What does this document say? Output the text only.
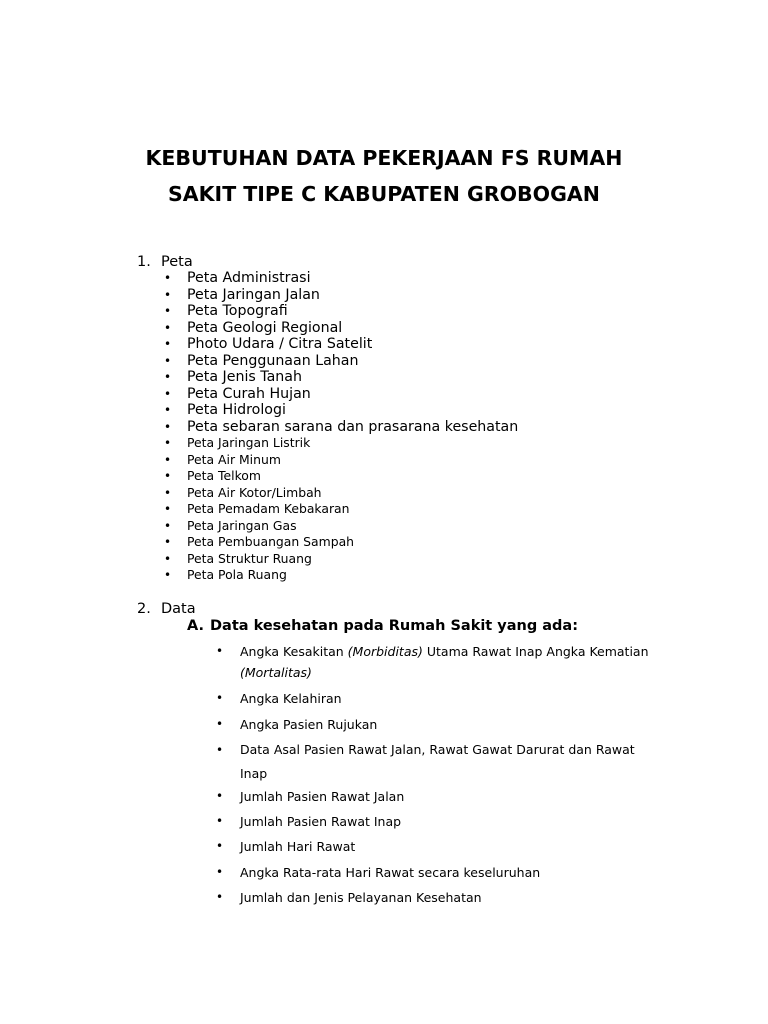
KEBUTUHAN DATA PEKERJAAN FS RUMAH
SAKIT TIPE C KABUPATEN GROBOGAN
1. Peta
• Peta Administrasi
• Peta Jaringan Jalan
• Peta Topografi
• Peta Geologi Regional
• Photo Udara / Citra Satelit
• Peta Penggunaan Lahan
• Peta Jenis Tanah
• Peta Curah Hujan
• Peta Hidrologi
• Peta sebaran sarana dan prasarana kesehatan
• Peta Jaringan Listrik
• Peta Air Minum
• Peta Telkom
• Peta Air Kotor/Limbah
• Peta Pemadam Kebakaran
• Peta Jaringan Gas
• Peta Pembuangan Sampah
• Peta Struktur Ruang
• Peta Pola Ruang
2. Data
A. Data kesehatan pada Rumah Sakit yang ada:
• Angka Kesakitan (Morbiditas) Utama Rawat Inap Angka Kematian (Mortalitas)
• Angka Kelahiran
• Angka Pasien Rujukan
• Data Asal Pasien Rawat Jalan, Rawat Gawat Darurat dan Rawat Inap
• Jumlah Pasien Rawat Jalan
• Jumlah Pasien Rawat Inap
• Jumlah Hari Rawat
• Angka Rata-rata Hari Rawat secara keseluruhan
• Jumlah dan Jenis Pelayanan Kesehatan
